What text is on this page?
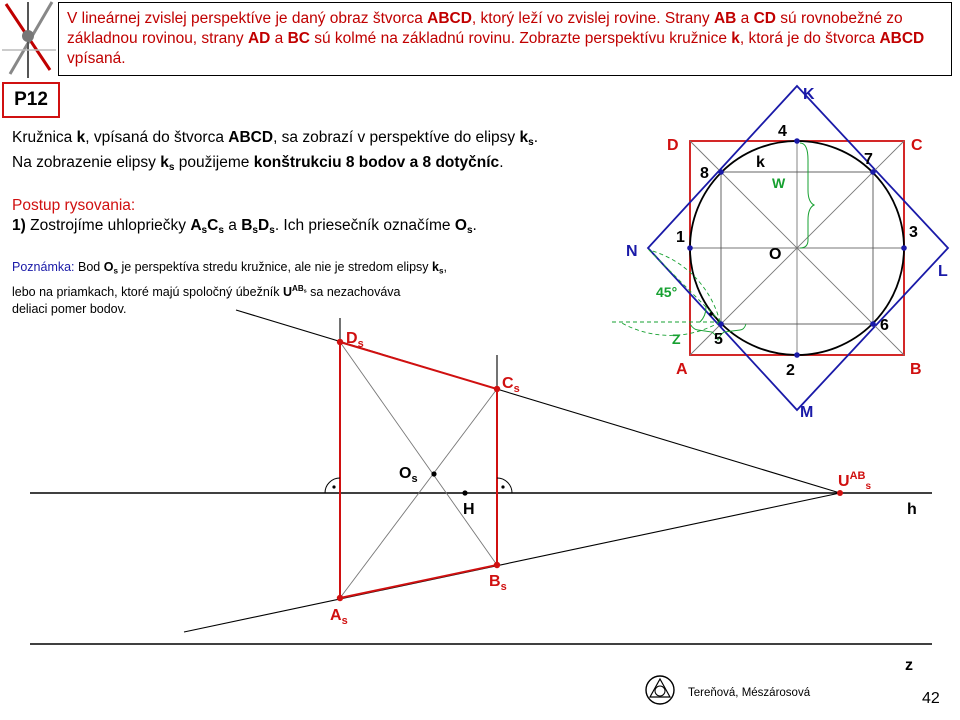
V lineárnej zvislej perspektíve je daný obraz štvorca ABCD, ktorý leží vo zvislej rovine. Strany AB a CD sú rovnobežné zo základnou rovinou, strany AD a BC sú kolmé na základnú rovinu. Zobrazte perspektívu kružnice k, ktorá je do štvorca ABCD vpísaná.
P12
Kružnica k, vpísaná do štvorca ABCD, sa zobrazí v perspektíve do elipsy $k_s$.
Na zobrazenie elipsy $k_s$ použijeme konštrukciu 8 bodov a 8 dotyčníc.
Postup rysovania:
1) Zostrojíme uhlopriečky $A_sC_s$ a $B_sD_s$. Ich priesečník označíme $O_s$.
Poznámka: Bod $O_s$ je perspektíva stredu kružnice, ale nie je stredom elipsy $k_s$,
lebo na priamkach, ktoré majú spoločný úbežník $U^{AB_s}$ sa nezachováva
deliaci pomer bodov.
D	C
A	B
K
L
M
N	O
k
W
Z
45°
1
2
3
4
5
6
7
8
$D_s$
$C_s$
$B_s$
$A_s$
$O_s$
H	h
z
$U^{AB}_s$
Tereňová, Mészárosová	42
